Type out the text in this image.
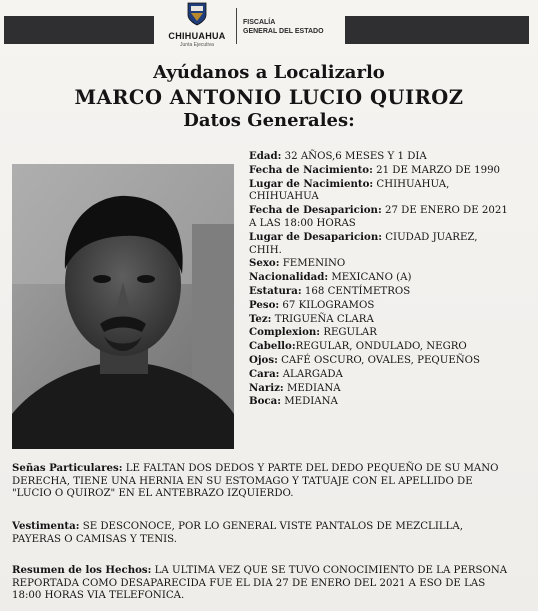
CHIHUAHUA
Junta Ejecutiva
FISCALÍA
GENERAL DEL ESTADO
Ayúdanos a Localizarlo
MARCO ANTONIO LUCIO QUIROZ
Datos Generales:
Edad: 32 AÑOS,6 MESES Y 1 DIA
Fecha de Nacimiento: 21 DE MARZO DE 1990
Lugar de Nacimiento: CHIHUAHUA, CHIHUAHUA
Fecha de Desaparicion: 27 DE ENERO DE 2021 A LAS 18:00 HORAS
Lugar de Desaparicion: CIUDAD JUAREZ, CHIH.
Sexo: FEMENINO
Nacionalidad: MEXICANO (A)
Estatura: 168 CENTÍMETROS
Peso: 67 KILOGRAMOS
Tez: TRIGUEÑA CLARA
Complexion: REGULAR
Cabello:REGULAR, ONDULADO, NEGRO
Ojos: CAFÉ OSCURO, OVALES, PEQUEÑOS
Cara: ALARGADA
Nariz: MEDIANA
Boca: MEDIANA
Señas Particulares: LE FALTAN DOS DEDOS Y PARTE DEL DEDO PEQUEÑO DE SU MANO DERECHA, TIENE UNA HERNIA EN SU ESTOMAGO Y TATUAJE CON EL APELLIDO DE "LUCIO O QUIROZ" EN EL ANTEBRAZO IZQUIERDO.
Vestimenta: SE DESCONOCE, POR LO GENERAL VISTE PANTALOS DE MEZCLILLA, PAYERAS O CAMISAS Y TENIS.
Resumen de los Hechos: LA ULTIMA VEZ QUE SE TUVO CONOCIMIENTO DE LA PERSONA REPORTADA COMO DESAPARECIDA FUE EL DIA 27 DE ENERO DEL 2021 A ESO DE LAS 18:00 HORAS VIA TELEFONICA.
